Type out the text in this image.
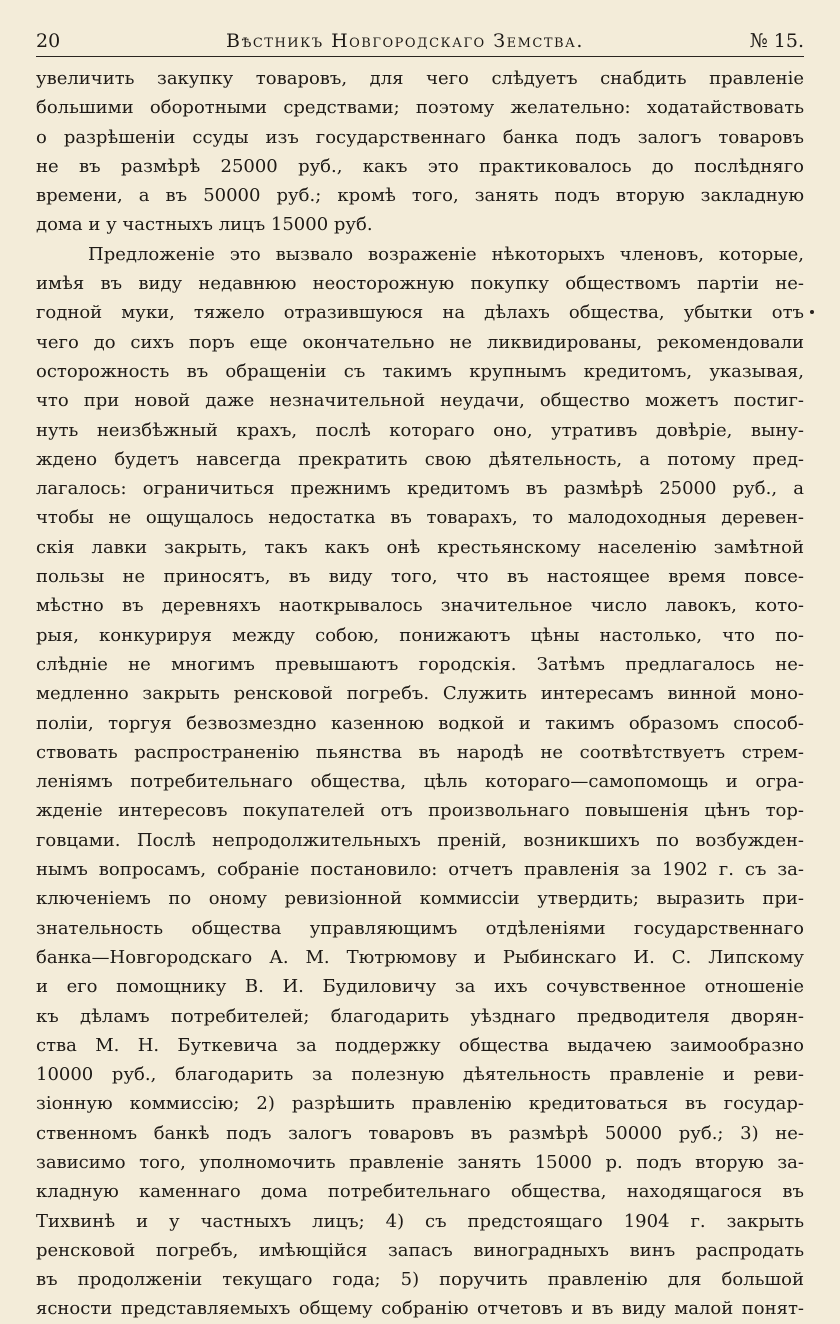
20	Вѣстникъ Новгородскаго Земства.	№ 15.
увеличить закупку товаровъ, для чего слѣдуетъ снабдить правленіе
большими оборотными средствами; поэтому желательно: ходатайствовать
о разрѣшеніи ссуды изъ государственнаго банка подъ залогъ товаровъ
не въ размѣрѣ 25000 руб., какъ это практиковалось до послѣдняго
времени, а въ 50000 руб.; кромѣ того, занять подъ вторую закладную
дома и у частныхъ лицъ 15000 руб.
Предложеніе это вызвало возраженіе нѣкоторыхъ членовъ, которые,
имѣя въ виду недавнюю неосторожную покупку обществомъ партіи не-
годной муки, тяжело отразившуюся на дѣлахъ общества, убытки отъ
чего до сихъ поръ еще окончательно не ликвидированы, рекомендовали
осторожность въ обращеніи съ такимъ крупнымъ кредитомъ, указывая,
что при новой даже незначительной неудачи, общество можетъ постиг-
нуть неизбѣжный крахъ, послѣ котораго оно, утративъ довѣріе, выну-
ждено будетъ навсегда прекратить свою дѣятельность, а потому пред-
лагалось: ограничиться прежнимъ кредитомъ въ размѣрѣ 25000 руб., а
чтобы не ощущалось недостатка въ товарахъ, то малодоходныя деревен-
скія лавки закрыть, такъ какъ онѣ крестьянскому населенію замѣтной
пользы не приносятъ, въ виду того, что въ настоящее время повсе-
мѣстно въ деревняхъ наоткрывалось значительное число лавокъ, кото-
рыя, конкурируя между собою, понижаютъ цѣны настолько, что по-
слѣдніе не многимъ превышаютъ городскія. Затѣмъ предлагалось не-
медленно закрыть ренсковой погребъ. Служить интересамъ винной моно-
поліи, торгуя безвозмездно казенною водкой и такимъ образомъ способ-
ствовать распространенію пьянства въ народѣ не соотвѣтствуетъ стрем-
леніямъ потребительнаго общества, цѣль котораго—самопомощь и огра-
жденіе интересовъ покупателей отъ произвольнаго повышенія цѣнъ тор-
говцами. Послѣ непродолжительныхъ преній, возникшихъ по возбужден-
нымъ вопросамъ, собраніе постановило: отчетъ правленія за 1902 г. съ за-
ключеніемъ по оному ревизіонной коммиссіи утвердить; выразить при-
знательность общества управляющимъ отдѣленіями государственнаго
банка—Новгородскаго А. М. Тютрюмову и Рыбинскаго И. С. Липскому
и его помощнику В. И. Будиловичу за ихъ сочувственное отношеніе
къ дѣламъ потребителей; благодарить уѣзднаго предводителя дворян-
ства М. Н. Буткевича за поддержку общества выдачею заимообразно
10000 руб., благодарить за полезную дѣятельность правленіе и реви-
зіонную коммиссію; 2) разрѣшить правленію кредитоваться въ государ-
ственномъ банкѣ подъ залогъ товаровъ въ размѣрѣ 50000 руб.; 3) не-
зависимо того, уполномочить правленіе занять 15000 р. подъ вторую за-
кладную каменнаго дома потребительнаго общества, находящагося въ
Тихвинѣ и у частныхъ лицъ; 4) съ предстоящаго 1904 г. закрыть
ренсковой погребъ, имѣющійся запасъ виноградныхъ винъ распродать
въ продолженіи текущаго года; 5) поручить правленію для большой
ясности представляемыхъ общему собранію отчетовъ и въ виду малой понят-
